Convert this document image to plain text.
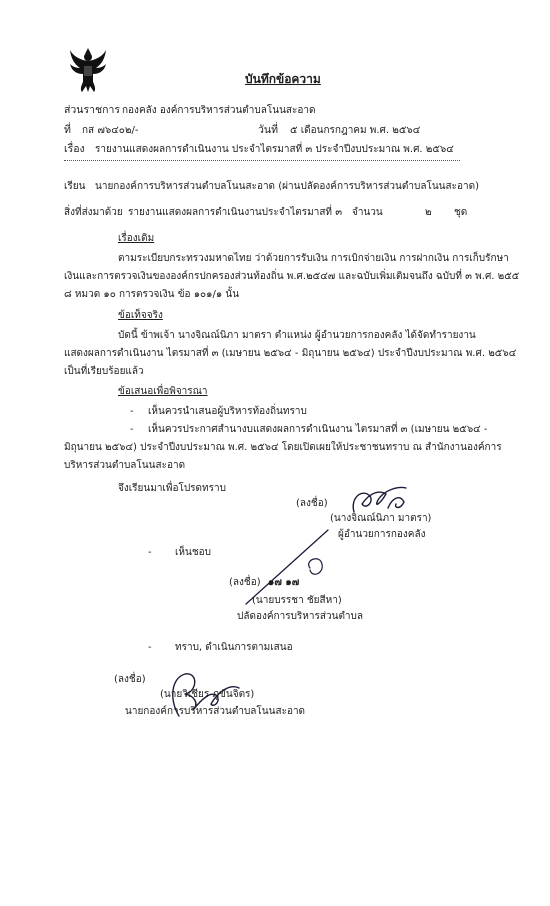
บันทึกข้อความ
ส่วนราชการ กองคลัง องค์การบริหารส่วนตำบลโนนสะอาด
ที่ กส ๗๖๔๐๒/-	วันที่ ๕ เดือนกรกฎาคม พ.ศ. ๒๕๖๔
เรื่อง รายงานแสดงผลการดำเนินงาน ประจำไตรมาสที่ ๓ ประจำปีงบประมาณ พ.ศ. ๒๕๖๔
เรียน นายกองค์การบริหารส่วนตำบลโนนสะอาด (ผ่านปลัดองค์การบริหารส่วนตำบลโนนสะอาด)
สิ่งที่ส่งมาด้วย รายงานแสดงผลการดำเนินงานประจำไตรมาสที่ ๓ จำนวน	๒ ชุด
เรื่องเดิม
ตามระเบียบกระทรวงมหาดไทย ว่าด้วยการรับเงิน การเบิกจ่ายเงิน การฝากเงิน การเก็บรักษา
เงินและการตรวจเงินขององค์กรปกครองส่วนท้องถิ่น พ.ศ.๒๕๔๗ และฉบับเพิ่มเติมจนถึง ฉบับที่ ๓ พ.ศ. ๒๕๕
๘ หมวด ๑๐ การตรวจเงิน ข้อ ๑๐๑/๑ นั้น
ข้อเท็จจริง
บัดนี้ ข้าพเจ้า นางจิณณ์นิภา มาตรา ตำแหน่ง ผู้อำนวยการกองคลัง ได้จัดทำรายงาน
แสดงผลการดำเนินงาน ไตรมาสที่ ๓ (เมษายน ๒๕๖๔ - มิถุนายน ๒๕๖๔) ประจำปีงบประมาณ พ.ศ. ๒๕๖๔
เป็นที่เรียบร้อยแล้ว
ข้อเสนอเพื่อพิจารณา
- เห็นควรนำเสนอผู้บริหารท้องถิ่นทราบ
- เห็นควรประกาศสำนางบแสดงผลการดำเนินงาน ไตรมาสที่ ๓ (เมษายน ๒๕๖๔ -
มิถุนายน ๒๕๖๔) ประจำปีงบประมาณ พ.ศ. ๒๕๖๔ โดยเปิดเผยให้ประชาชนทราบ ณ สำนักงานองค์การ
บริหารส่วนตำบลโนนสะอาด
จึงเรียนมาเพื่อโปรดทราบ
(ลงชื่อ)
(นางจิณณ์นิภา มาตรา)
ผู้อำนวยการกองคลัง
- เห็นชอบ
(ลงชื่อ) ๑๗ ๑๗
(นายบรรชา ชัยสีหา)
ปลัดองค์การบริหารส่วนตำบล
- ทราบ, ดำเนินการตามเสนอ
(ลงชื่อ)
(นายวิเชียร ภูขันจิตร)
นายกองค์การบริหารส่วนตำบลโนนสะอาด
